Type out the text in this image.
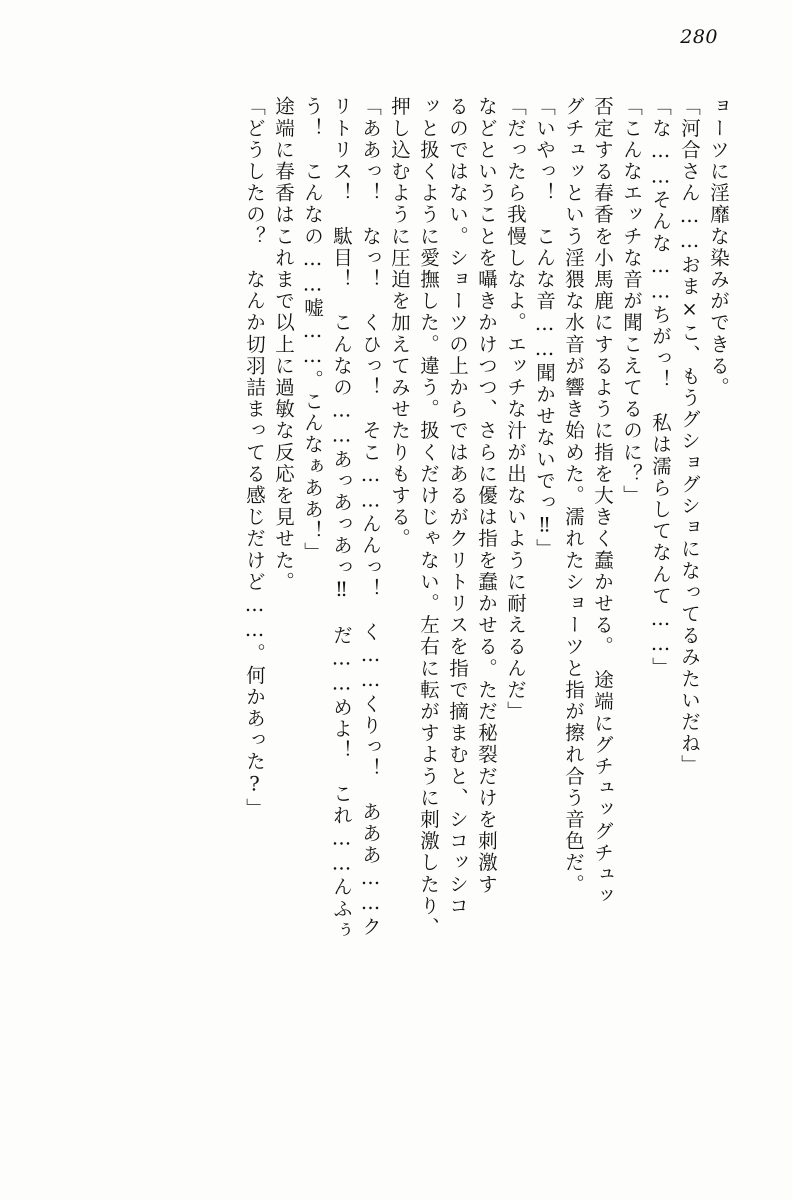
280
ョーツに淫靡な染みができる。
「河合さん……おま×こ、もうグショグショになってるみたいだね」
「な……そんな……ちがっ！　私は濡らしてなんて……」
「こんなエッチな音が聞こえてるのに？」
否定する春香を小馬鹿にするように指を大きく蠢かせる。　途端にグチュッグチュッ
グチュッという淫猥な水音が響き始めた。濡れたショーツと指が擦れ合う音色だ。
「いやっ！　こんな音……聞かせないでっ‼」
「だったら我慢しなよ。エッチな汁が出ないように耐えるんだ」
などということを囁きかけつつ、さらに優は指を蠢かせる。ただ秘裂だけを刺激す
るのではない。ショーツの上からではあるがクリトリスを指で摘まむと、シコッシコ
ッと扱くように愛撫した。違う。扱くだけじゃない。左右に転がすように刺激したり、
押し込むように圧迫を加えてみせたりもする。
「ああっ！　なっ！　くひっ！　そこ……んんっ！　く……くりっ！　あああ……ク
リトリス！　駄目！　こんなの……あっあっあっ‼　だ……めよ！　これ……んふぅ
う！　こんなの……嘘……。こんなぁああ！」
途端に春香はこれまで以上に過敏な反応を見せた。
「どうしたの？　なんか切羽詰まってる感じだけど……。何かあった?」
